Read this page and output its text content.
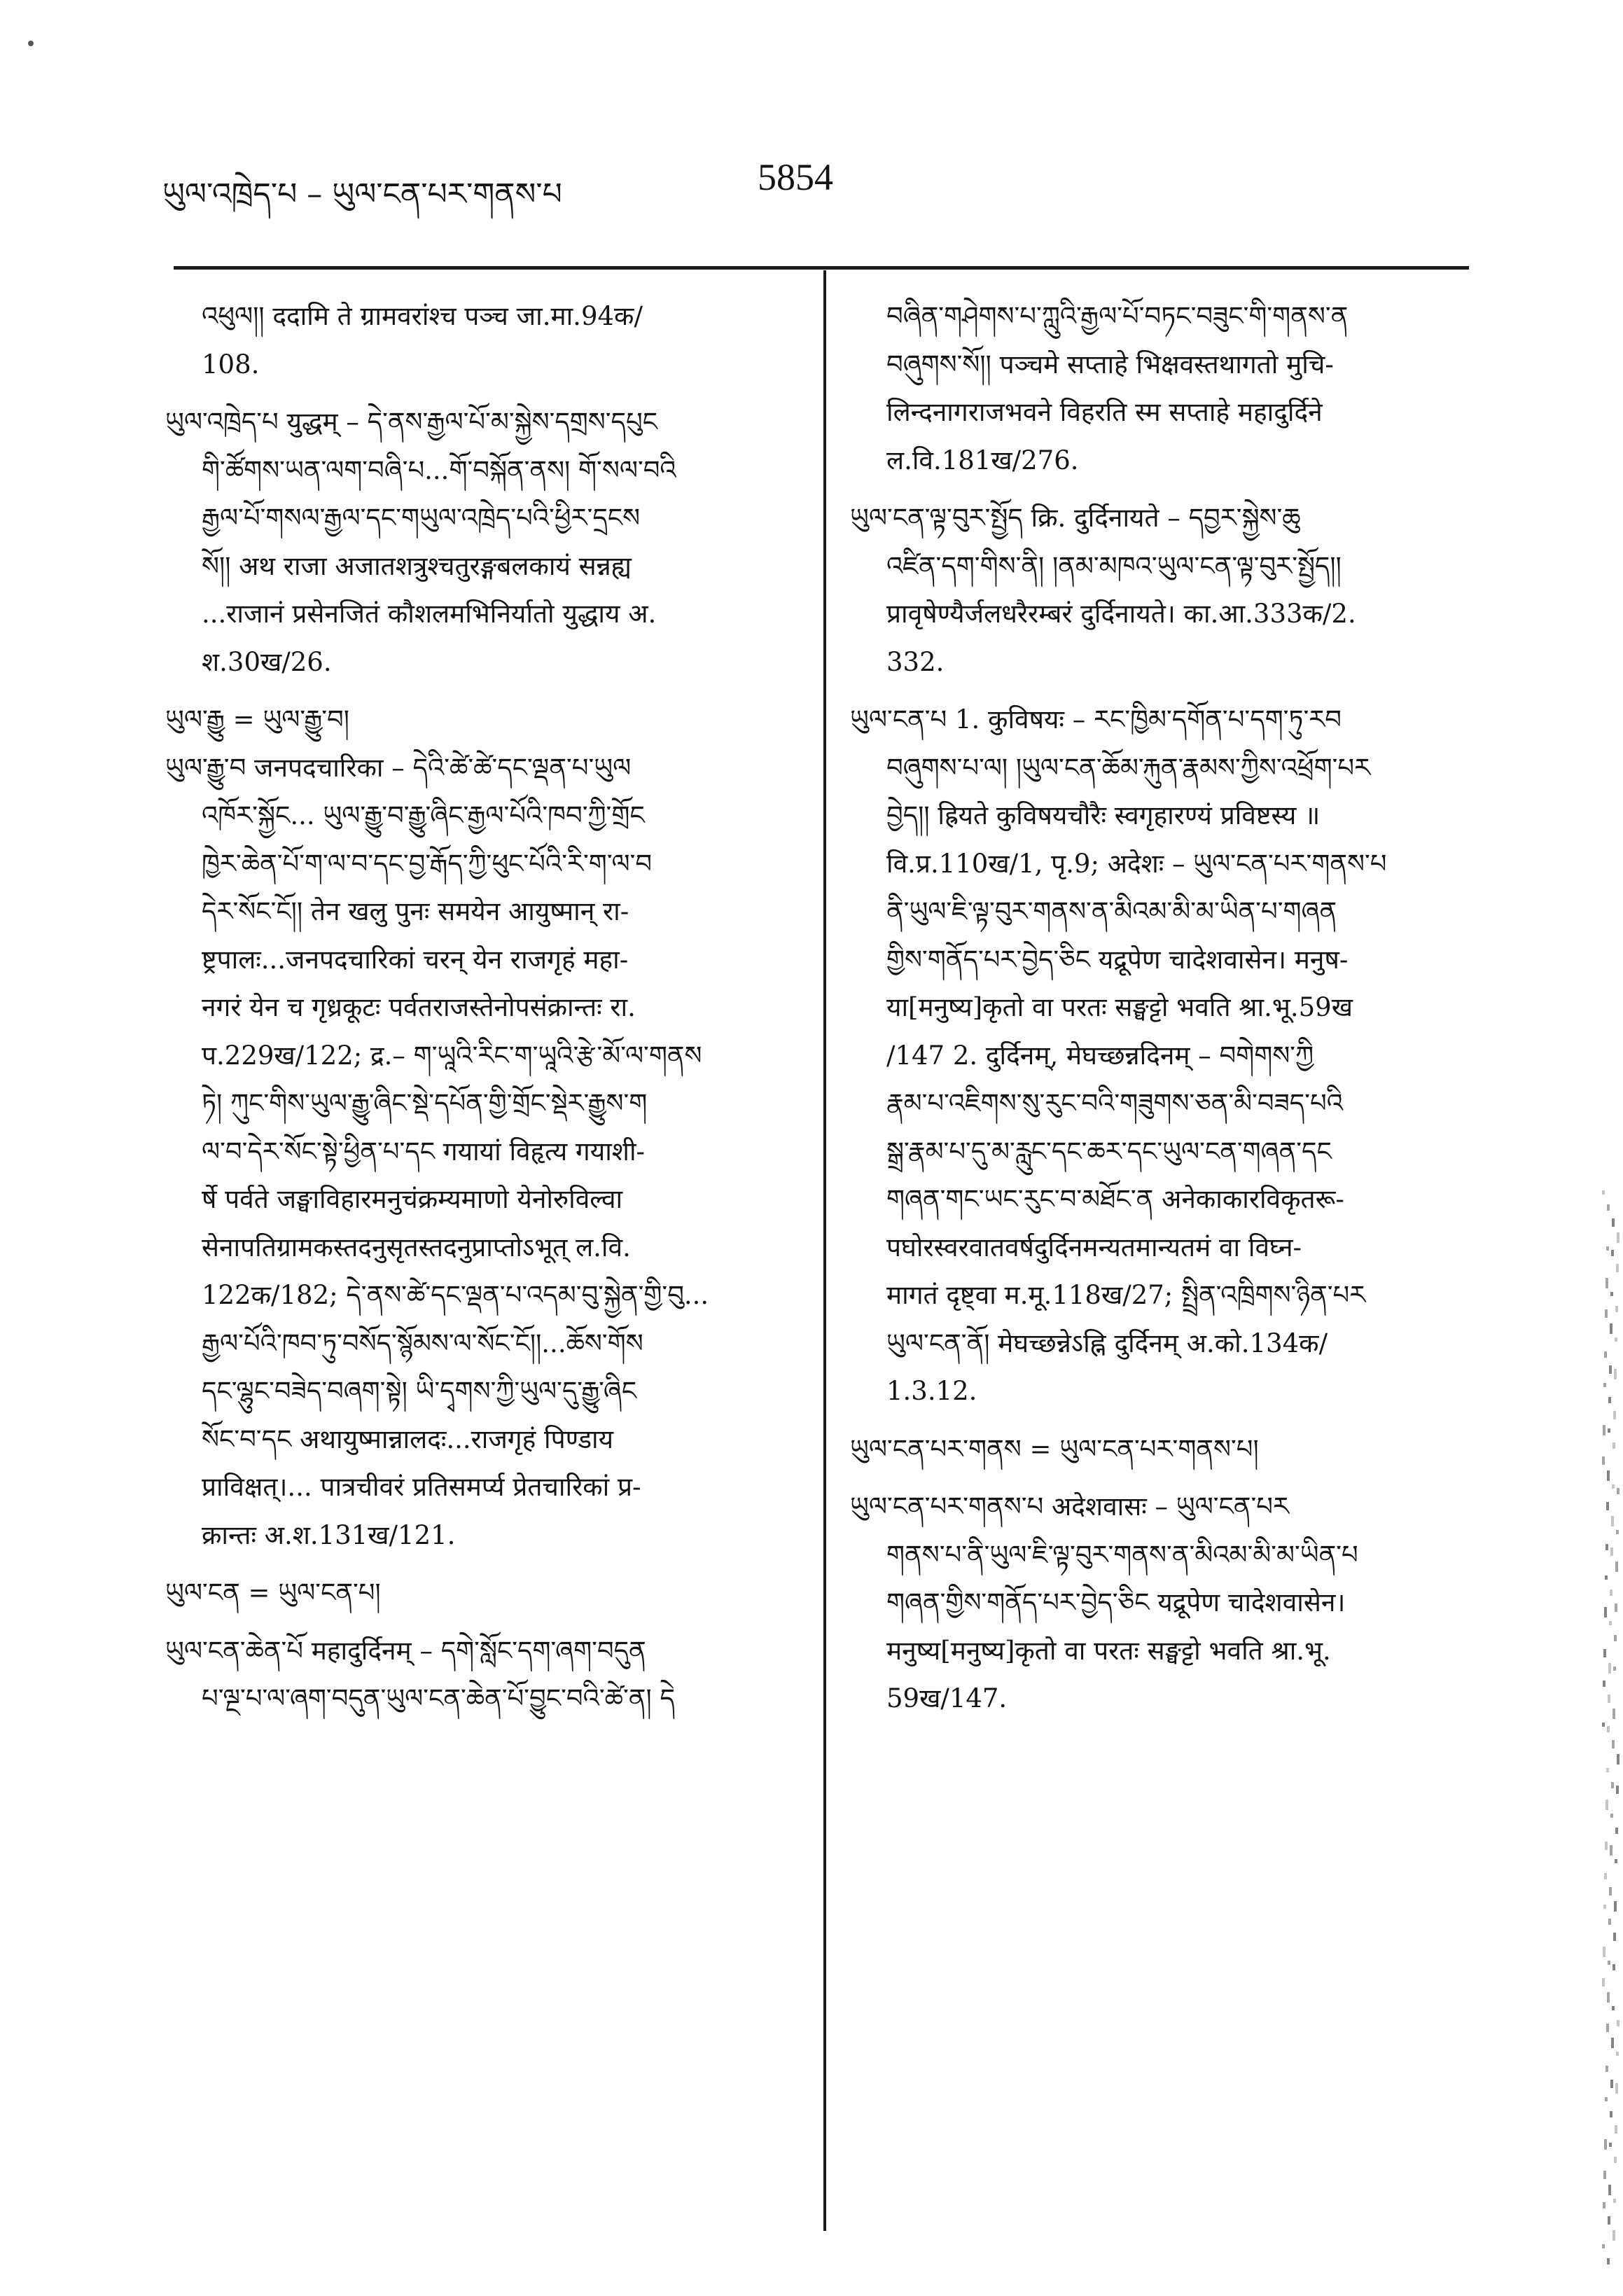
ཡུལ་འཁྲེད་པ – ཡུལ་ངན་པར་གནས་པ	5854
འཕུལ།། ददामि ते ग्रामवरांश्च पञ्च जा.मा.94क/
108.
ཡུལ་འཁྲེད་པ युद्धम् – དེ་ནས་རྒྱལ་པོ་མ་སྐྱེས་དགྲས་དཔུང
གི་ཚོགས་ཡན་ལག་བཞི་པ...གོ་བསྐོན་ནས། གོ་སལ་བའི
རྒྱལ་པོ་གསལ་རྒྱལ་དང་གཡུལ་འཁྲེད་པའི་ཕྱིར་དྲངས
སོ།། अथ राजा अजातशत्रुश्चतुरङ्गबलकायं सन्नह्य
...राजानं प्रसेनजितं कौशलमभिनिर्यातो युद्धाय अ.
श.30ख/26.
ཡུལ་རྒྱུ = ཡུལ་རྒྱུ་བ།
ཡུལ་རྒྱུ་བ जनपदचारिका – དེའི་ཚེ་ཚེ་དང་ལྡན་པ་ཡུལ
འཁོར་སྐྱོང... ཡུལ་རྒྱུ་བ་རྒྱུ་ཞིང་རྒྱལ་པོའི་ཁབ་ཀྱི་གྲོང
ཁྱེར་ཆེན་པོ་ག་ལ་བ་དང་བྱ་རྒོད་ཀྱི་ཕུང་པོའི་རི་ག་ལ་བ
དེར་སོང་ངོ།། तेन खलु पुनः समयेन आयुष्मान् रा-
ष्ट्रपालः...जनपदचारिकां चरन् येन राजगृहं महा-
नगरं येन च गृध्रकूटः पर्वतराजस्तेनोपसंक्रान्तः रा.
प.229ख/122; द्र.– ག་ཡཱའི་རིང་ག་ཡཱའི་རྩེ་མོ་ལ་གནས
ཏེ། ཀུང་གིས་ཡུལ་རྒྱུ་ཞིང་སྡེ་དཔོན་གྱི་གྲོང་སྡེར་རྒྱུས་ག
ལ་བ་དེར་སོང་སྟེ་ཕྱིན་པ་དང गयायां विहृत्य गयाशी-
र्षे पर्वते जङ्घाविहारमनुचंक्रम्यमाणो येनोरुविल्वा
सेनापतिग्रामकस्तदनुसृतस्तदनुप्राप्तोऽभूत् ल.वि.
122क/182; དེ་ནས་ཚེ་དང་ལྡན་པ་འདམ་བུ་སྐྱེན་གྱི་བུ...
རྒྱལ་པོའི་ཁབ་ཏུ་བསོད་སྙོམས་ལ་སོང་ངོ།།...ཆོས་གོས
དང་ལྷུང་བཟེད་བཞག་སྟེ། ཡི་དྭགས་ཀྱི་ཡུལ་དུ་རྒྱུ་ཞིང
སོང་བ་དང अथायुष्मान्नालदः...राजगृहं पिण्डाय
प्राविक्षत्।... पात्रचीवरं प्रतिसमर्प्य प्रेतचारिकां प्र-
क्रान्तः अ.श.131ख/121.
ཡུལ་ངན = ཡུལ་ངན་པ།
ཡུལ་ངན་ཆེན་པོ महादुर्दिनम् – དགེ་སློང་དག་ཞག་བདུན
པ་ལྔ་པ་ལ་ཞག་བདུན་ཡུལ་ངན་ཆེན་པོ་བྱུང་བའི་ཚེ་ན། དེ
བཞིན་གཤེགས་པ་ཀླུའི་རྒྱལ་པོ་བཏང་བཟུང་གི་གནས་ན
བཞུགས་སོ།། पञ्चमे सप्ताहे भिक्षवस्तथागतो मुचि-
लिन्दनागराजभवने विहरति स्म सप्ताहे महादुर्दिने
ल.वि.181ख/276.
ཡུལ་ངན་ལྟ་བུར་སྤྱོད क्रि. दुर्दिनायते – དབྱར་སྐྱེས་ཆུ
འཛིན་དག་གིས་ནི། །ནམ་མཁའ་ཡུལ་ངན་ལྟ་བུར་སྤྱོད།།
प्रावृषेण्यैर्जलधरैरम्बरं दुर्दिनायते। का.आ.333क/2.
332.
ཡུལ་ངན་པ 1. कुविषयः – རང་ཁྱིམ་དགོན་པ་དག་ཏུ་རབ
བཞུགས་པ་ལ། །ཡུལ་ངན་ཆོམ་རྐུན་རྣམས་ཀྱིས་འཕྲོག་པར
བྱེད།། ह्रियते कुविषयचौरैः स्वगृहारण्यं प्रविष्टस्य ॥
वि.प्र.110ख/1, पृ.9; अदेशः – ཡུལ་ངན་པར་གནས་པ
ནི་ཡུལ་ཇི་ལྟ་བུར་གནས་ན་མིའམ་མི་མ་ཡིན་པ་གཞན
གྱིས་གནོད་པར་བྱེད་ཅིང यद्रूपेण चादेशवासेन। मनुष-
या[मनुष्य]कृतो वा परतः सङ्घट्टो भवति श्रा.भू.59ख
/147 2. दुर्दिनम्, मेघच्छन्नदिनम् – བགེགས་ཀྱི
རྣམ་པ་འཇིགས་སུ་རུང་བའི་གཟུགས་ཅན་མི་བཟད་པའི
སྒྲ་རྣམ་པ་དུ་མ་རླུང་དང་ཆར་དང་ཡུལ་ངན་གཞན་དང
གཞན་གང་ཡང་རུང་བ་མཐོང་ན अनेकाकारविकृतरू-
पघोरस्वरवातवर्षदुर्दिनमन्यतमान्यतमं वा विघ्न-
मागतं दृष्ट्वा म.मू.118ख/27; སྤྲིན་འཁྲིགས་ཉིན་པར
ཡུལ་ངན་ནོ། मेघच्छन्नेऽह्नि दुर्दिनम् अ.को.134क/
1.3.12.
ཡུལ་ངན་པར་གནས = ཡུལ་ངན་པར་གནས་པ།
ཡུལ་ངན་པར་གནས་པ अदेशवासः – ཡུལ་ངན་པར
གནས་པ་ནི་ཡུལ་ཇི་ལྟ་བུར་གནས་ན་མིའམ་མི་མ་ཡིན་པ
གཞན་གྱིས་གནོད་པར་བྱེད་ཅིང यद्रूपेण चादेशवासेन।
मनुष्य[मनुष्य]कृतो वा परतः सङ्घट्टो भवति श्रा.भू.
59ख/147.
